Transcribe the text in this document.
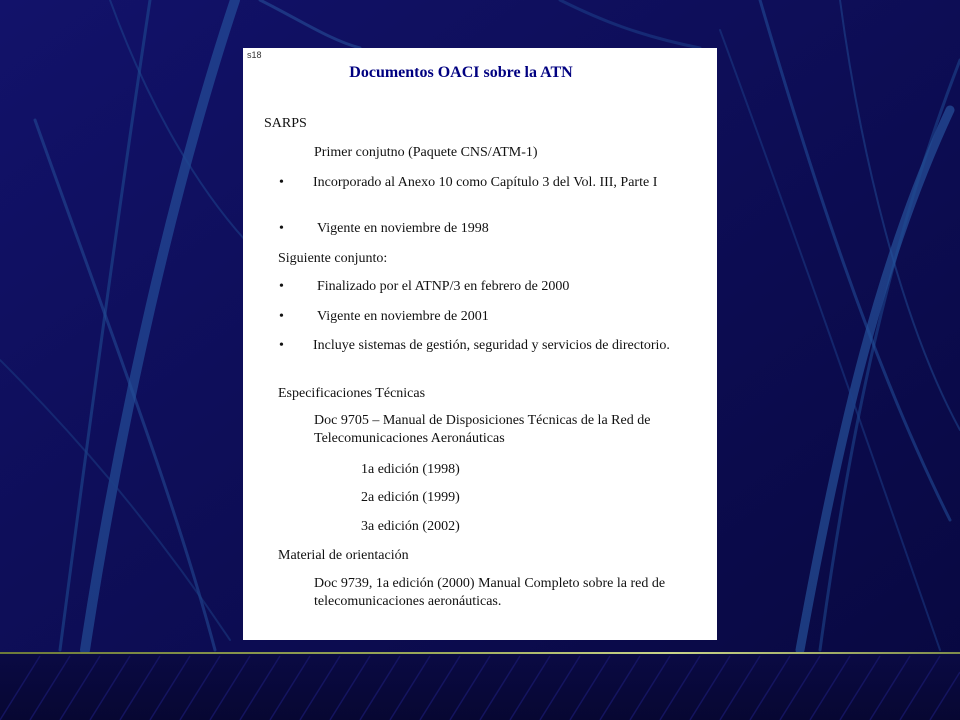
s18
Documentos OACI sobre la ATN
SARPS
Primer conjutno (Paquete CNS/ATM-1)
• Incorporado al Anexo 10 como Capítulo 3 del Vol. III, Parte I
• Vigente en noviembre de 1998
Siguiente conjunto:
• Finalizado por el ATNP/3 en febrero de 2000
• Vigente en noviembre de 2001
• Incluye sistemas de gestión, seguridad y servicios de directorio.
Especificaciones Técnicas
Doc 9705 – Manual de Disposiciones Técnicas de la Red de Telecomunicaciones Aeronáuticas
1a edición (1998)
2a edición (1999)
3a edición (2002)
Material de orientación
Doc 9739, 1a edición (2000) Manual Completo sobre la red de telecomunicaciones aeronáuticas.
